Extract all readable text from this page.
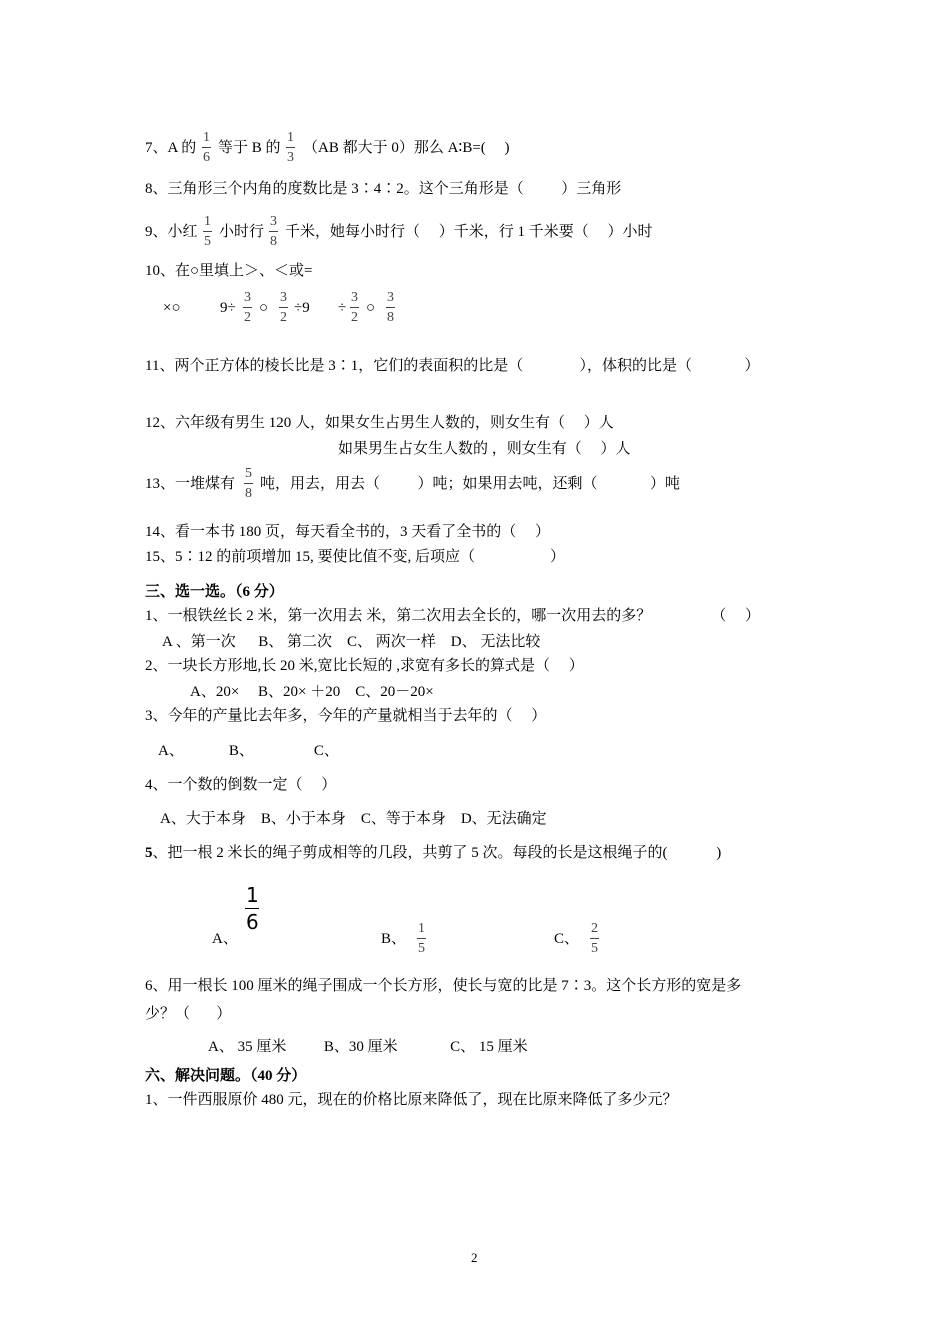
7、A 的
1
6
等于 B 的
1
3
（AB 都大于 0）那么 A∶B=(     )
8、三角形三个内角的度数比是 3∶4∶2。这个三角形是（          ）三角形
9、小红
1
5
小时行
3
8
千米，她每小时行（     ）千米，行 1 千米要（     ）小时
10、在○里填上＞、＜或=
×○	9÷
3
2
○
3
2
÷9 ÷
3
2
○
3
8
11、两个正方体的棱长比是 3∶1，它们的表面积的比是（               ），体积的比是（              ）
12、六年级有男生 120 人，如果女生占男生人数的，则女生有（     ）人
如果男生占女生人数的 ，则女生有（     ）人
13、一堆煤有
5
8
吨，用去，用去（          ）吨；如果用去吨，还剩（              ）吨
14、看一本书 180 页，每天看全书的，3 天看了全书的（     ）
15、5∶12 的前项增加 15, 要使比值不变, 后项应（                    ）
三、选一选。（6 分）
1、一根铁丝长 2 米，第一次用去 米，第二次用去全长的，哪一次用去的多？                （     ）
A 、第一次      B、 第二次    C、 两次一样    D、 无法比较
2、一块长方形地,长 20 米,宽比长短的 ,求宽有多长的算式是（     ）
A、20×     B、20× ＋20    C、20－20×
3、今年的产量比去年多，今年的产量就相当于去年的（     ）
A、            B、                C、
4、一个数的倒数一定（     ）
A、大于本身    B、小于本身    C、等于本身    D、无法确定
5、把一根 2 米长的绳子剪成相等的几段，共剪了 5 次。每段的长是这根绳子的(             )
A、
1
6
B、
1
5
C、
2
5
6、用一根长 100 厘米的绳子围成一个长方形，使长与宽的比是 7∶3。这个长方形的宽是多
少？（       ）
A、 35 厘米          B、30 厘米              C、 15 厘米
六、解决问题。（40 分）
1、一件西服原价 480 元，现在的价格比原来降低了，现在比原来降低了多少元？
2
